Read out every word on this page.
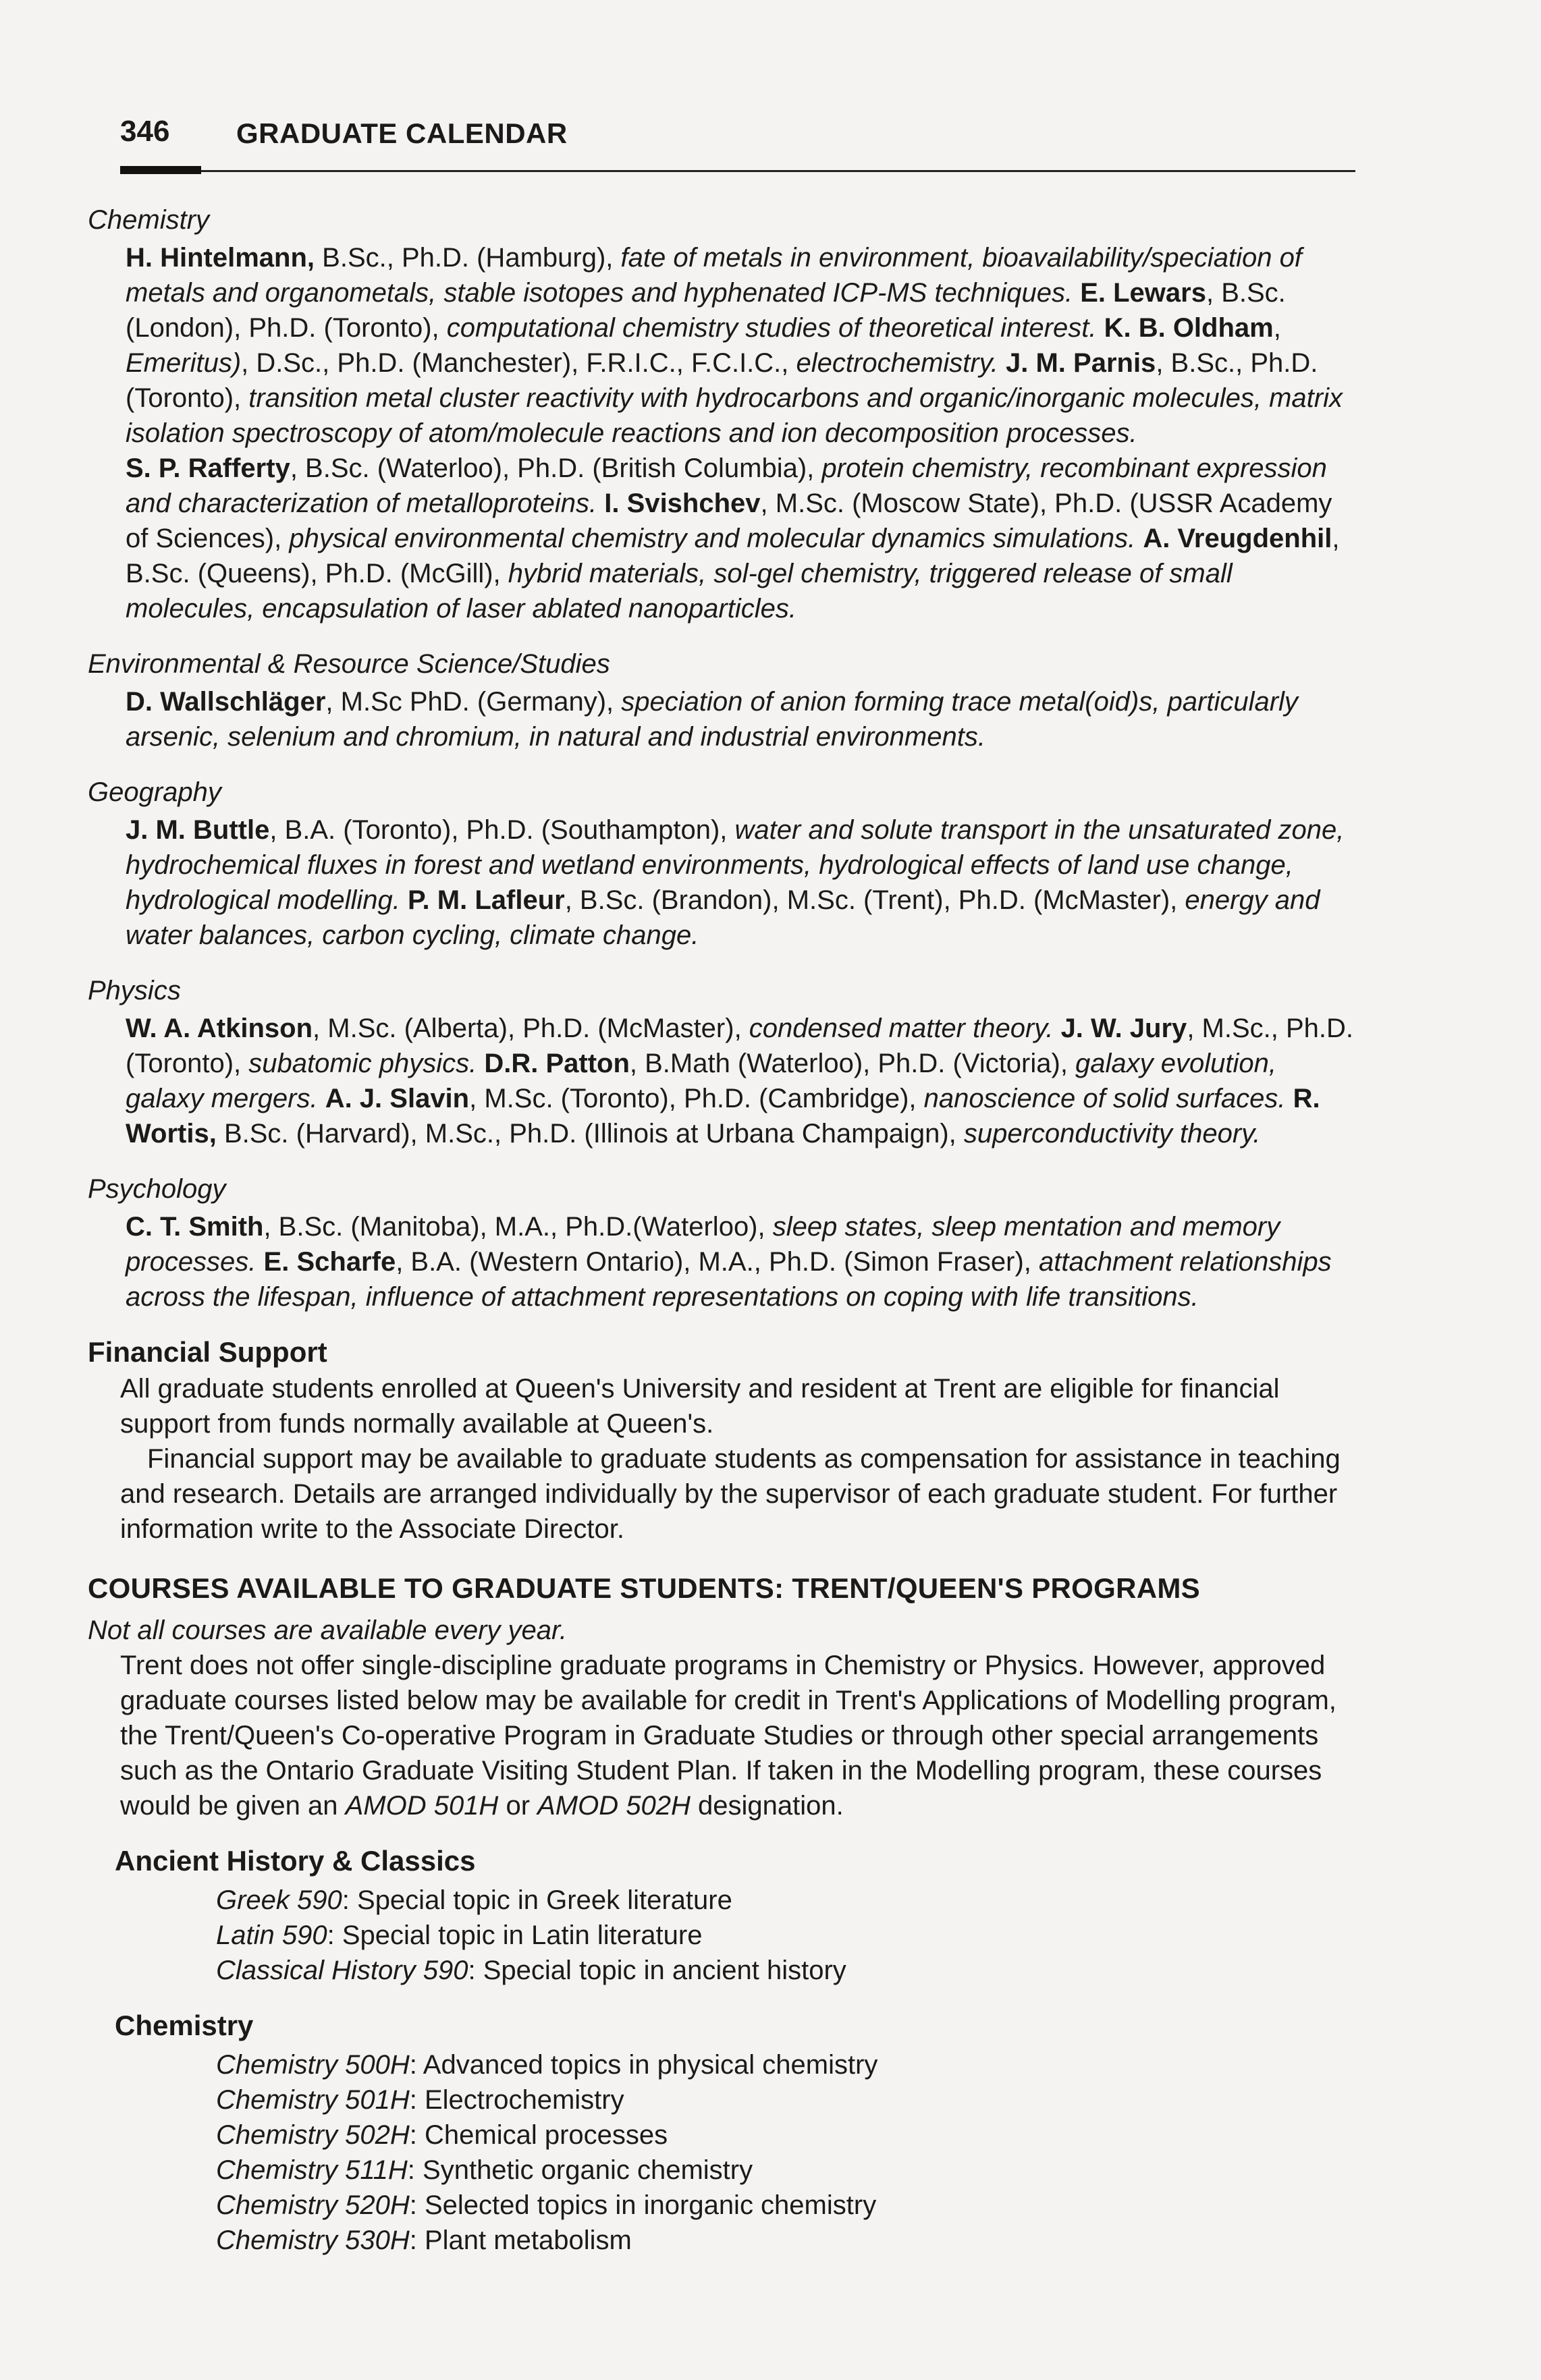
346 GRADUATE CALENDAR

Chemistry

H. Hintelmann, B.Sc., Ph.D. (Hamburg), fate of metals in environment, bioavailability/speciation of metals and organometals, stable isotopes and hyphenated ICP-MS techniques. E. Lewars, B.Sc. (London), Ph.D. (Toronto), computational chemistry studies of theoretical interest. K. B. Oldham, Emeritus), D.Sc., Ph.D. (Manchester), F.R.I.C., F.C.I.C., electrochemistry. J. M. Parnis, B.Sc., Ph.D. (Toronto), transition metal cluster reactivity with hydrocarbons and organic/inorganic molecules, matrix isolation spectroscopy of atom/molecule reactions and ion decomposition processes.
S. P. Rafferty, B.Sc. (Waterloo), Ph.D. (British Columbia), protein chemistry, recombinant expression and characterization of metalloproteins. I. Svishchev, M.Sc. (Moscow State), Ph.D. (USSR Academy of Sciences), physical environmental chemistry and molecular dynamics simulations. A. Vreugdenhil, B.Sc. (Queens), Ph.D. (McGill), hybrid materials, sol-gel chemistry, triggered release of small molecules, encapsulation of laser ablated nanoparticles.

Environmental & Resource Science/Studies

D. Wallschläger, M.Sc PhD. (Germany), speciation of anion forming trace metal(oid)s, particularly arsenic, selenium and chromium, in natural and industrial environments.

Geography

J. M. Buttle, B.A. (Toronto), Ph.D. (Southampton), water and solute transport in the unsaturated zone, hydrochemical fluxes in forest and wetland environments, hydrological effects of land use change, hydrological modelling. P. M. Lafleur, B.Sc. (Brandon), M.Sc. (Trent), Ph.D. (McMaster), energy and water balances, carbon cycling, climate change.

Physics

W. A. Atkinson, M.Sc. (Alberta), Ph.D. (McMaster), condensed matter theory. J. W. Jury, M.Sc., Ph.D. (Toronto), subatomic physics. D.R. Patton, B.Math (Waterloo), Ph.D. (Victoria), galaxy evolution, galaxy mergers. A. J. Slavin, M.Sc. (Toronto), Ph.D. (Cambridge), nanoscience of solid surfaces. R. Wortis, B.Sc. (Harvard), M.Sc., Ph.D. (Illinois at Urbana Champaign), superconductivity theory.

Psychology

C. T. Smith, B.Sc. (Manitoba), M.A., Ph.D.(Waterloo), sleep states, sleep mentation and memory processes. E. Scharfe, B.A. (Western Ontario), M.A., Ph.D. (Simon Fraser), attachment relationships across the lifespan, influence of attachment representations on coping with life transitions.

Financial Support

All graduate students enrolled at Queen's University and resident at Trent are eligible for financial support from funds normally available at Queen's.

Financial support may be available to graduate students as compensation for assistance in teaching and research. Details are arranged individually by the supervisor of each graduate student. For further information write to the Associate Director.

COURSES AVAILABLE TO GRADUATE STUDENTS: TRENT/QUEEN'S PROGRAMS

Not all courses are available every year.

Trent does not offer single-discipline graduate programs in Chemistry or Physics. However, approved graduate courses listed below may be available for credit in Trent's Applications of Modelling program, the Trent/Queen's Co-operative Program in Graduate Studies or through other special arrangements such as the Ontario Graduate Visiting Student Plan. If taken in the Modelling program, these courses would be given an AMOD 501H or AMOD 502H designation.

Ancient History & Classics

Greek 590: Special topic in Greek literature

Latin 590: Special topic in Latin literature

Classical History 590: Special topic in ancient history

Chemistry

Chemistry 500H: Advanced topics in physical chemistry

Chemistry 501H: Electrochemistry

Chemistry 502H: Chemical processes

Chemistry 511H: Synthetic organic chemistry

Chemistry 520H: Selected topics in inorganic chemistry

Chemistry 530H: Plant metabolism
